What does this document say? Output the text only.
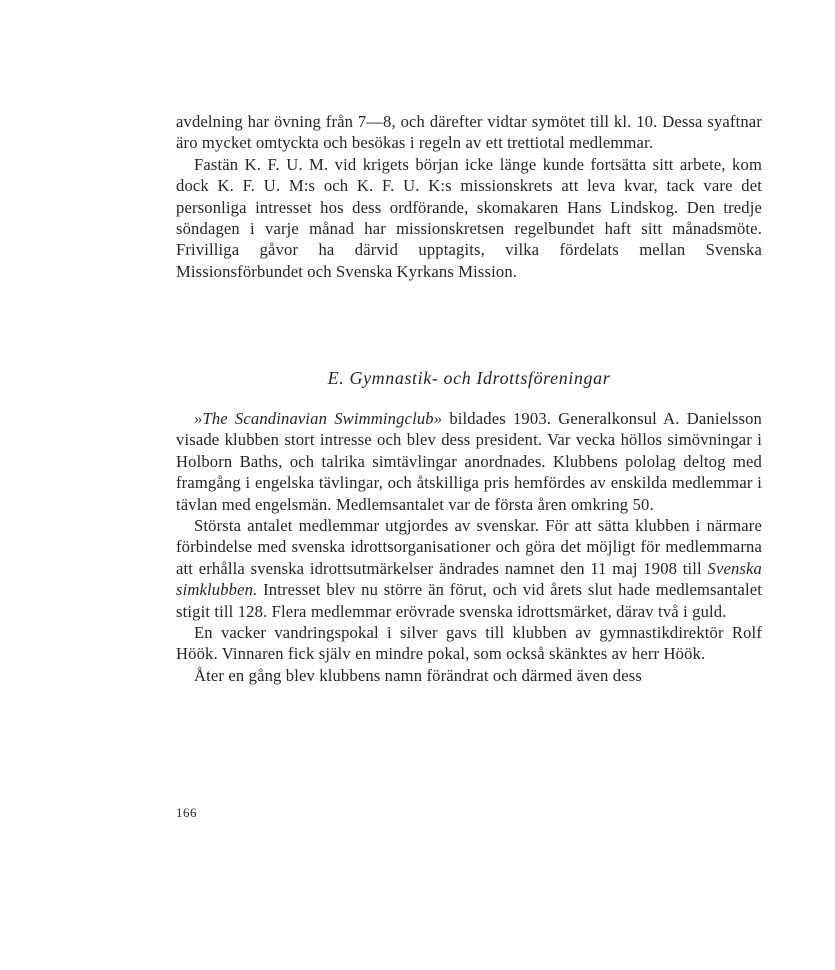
avdelning har övning från 7—8, och därefter vidtar symötet till kl. 10. Dessa syaftnar äro mycket omtyckta och besökas i regeln av ett trettiotal medlemmar.

Fastän K. F. U. M. vid krigets början icke länge kunde fortsätta sitt arbete, kom dock K. F. U. M:s och K. F. U. K:s missionskrets att leva kvar, tack vare det personliga intresset hos dess ordförande, skomakaren Hans Lindskog. Den tredje söndagen i varje månad har missionskretsen regelbundet haft sitt månadsmöte. Frivilliga gåvor ha därvid upptagits, vilka fördelats mellan Svenska Missionsförbundet och Svenska Kyrkans Mission.

E. Gymnastik- och Idrottsföreningar

»The Scandinavian Swimmingclub» bildades 1903. Generalkonsul A. Danielsson visade klubben stort intresse och blev dess president. Var vecka höllos simövningar i Holborn Baths, och talrika simtävlingar anordnades. Klubbens pololag deltog med framgång i engelska tävlingar, och åtskilliga pris hemfördes av enskilda medlemmar i tävlan med engelsmän. Medlemsantalet var de första åren omkring 50.

Största antalet medlemmar utgjordes av svenskar. För att sätta klubben i närmare förbindelse med svenska idrottsorganisationer och göra det möjligt för medlemmarna att erhålla svenska idrottsutmärkelser ändrades namnet den 11 maj 1908 till Svenska simklubben. Intresset blev nu större än förut, och vid årets slut hade medlemsantalet stigit till 128. Flera medlemmar erövrade svenska idrottsmärket, därav två i guld.

En vacker vandringspokal i silver gavs till klubben av gymnastikdirektör Rolf Höök. Vinnaren fick själv en mindre pokal, som också skänktes av herr Höök.

Åter en gång blev klubbens namn förändrat och därmed även dess

166
